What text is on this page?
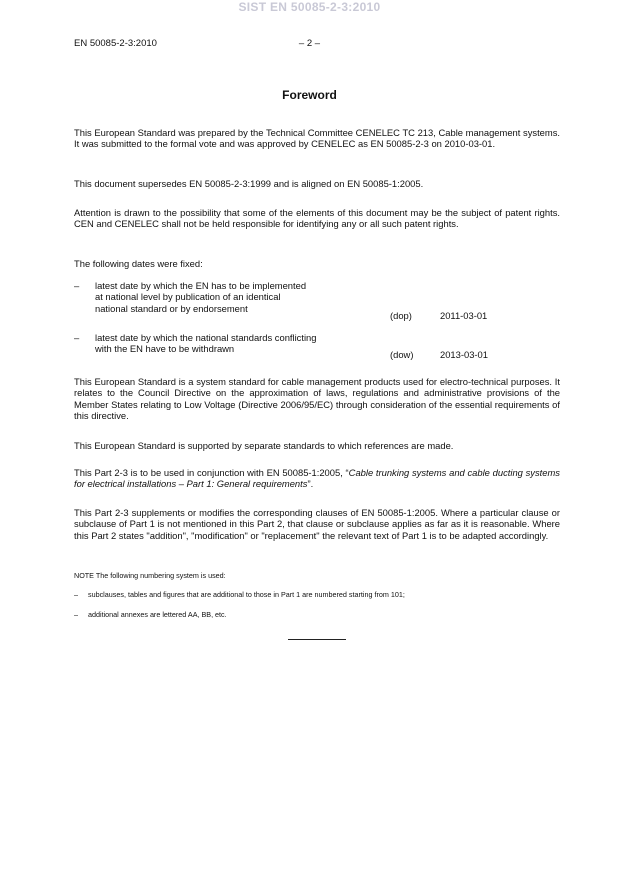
SIST EN 50085-2-3:2010
EN 50085-2-3:2010	– 2 –
Foreword
This European Standard was prepared by the Technical Committee CENELEC TC 213, Cable management systems. It was submitted to the formal vote and was approved by CENELEC as EN 50085-2-3 on 2010-03-01.
This document supersedes EN 50085-2-3:1999 and is aligned on EN 50085-1:2005.
Attention is drawn to the possibility that some of the elements of this document may be the subject of patent rights. CEN and CENELEC shall not be held responsible for identifying any or all such patent rights.
The following dates were fixed:
– latest date by which the EN has to be implemented
at national level by publication of an identical
national standard or by endorsement
(dop)	2011-03-01
– latest date by which the national standards conflicting
with the EN have to be withdrawn
(dow)	2013-03-01
This European Standard is a system standard for cable management products used for electro-technical purposes. It relates to the Council Directive on the approximation of laws, regulations and administrative provisions of the Member States relating to Low Voltage (Directive 2006/95/EC) through consideration of the essential requirements of this directive.
This European Standard is supported by separate standards to which references are made.
This Part 2-3 is to be used in conjunction with EN 50085-1:2005, “Cable trunking systems and cable ducting systems for electrical installations – Part 1: General requirements”.
This Part 2-3 supplements or modifies the corresponding clauses of EN 50085-1:2005. Where a particular clause or subclause of Part 1 is not mentioned in this Part 2, that clause or subclause applies as far as it is reasonable. Where this Part 2 states "addition", "modification" or "replacement" the relevant text of Part 1 is to be adapted accordingly.
NOTE The following numbering system is used:
– subclauses, tables and figures that are additional to those in Part 1 are numbered starting from 101;
– additional annexes are lettered AA, BB, etc.
